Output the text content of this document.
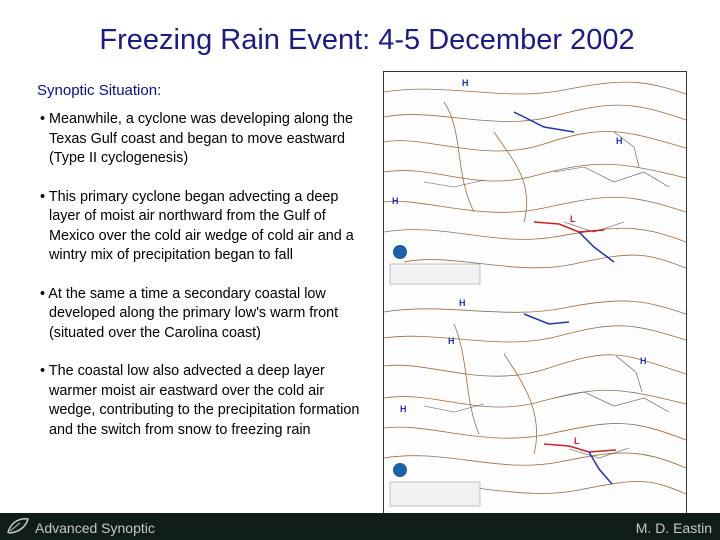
Freezing Rain Event: 4-5 December 2002
Synoptic Situation:

• Meanwhile, a cyclone was developing along the Texas Gulf coast and began to move eastward (Type II cyclogenesis)

• This primary cyclone began advecting a deep layer of moist air northward from the Gulf of Mexico over the cold air wedge of cold air and a wintry mix of precipitation began to fall

• At the same a time a secondary coastal low developed along the primary low's warm front (situated over the Carolina coast)

• The coastal low also advected a deep layer warmer moist air eastward over the cold air wedge, contributing to the precipitation formation and the switch from snow to freezing rain

H
H
H
L
H
H
H
H
L
Advanced Synoptic	M. D. Eastin
